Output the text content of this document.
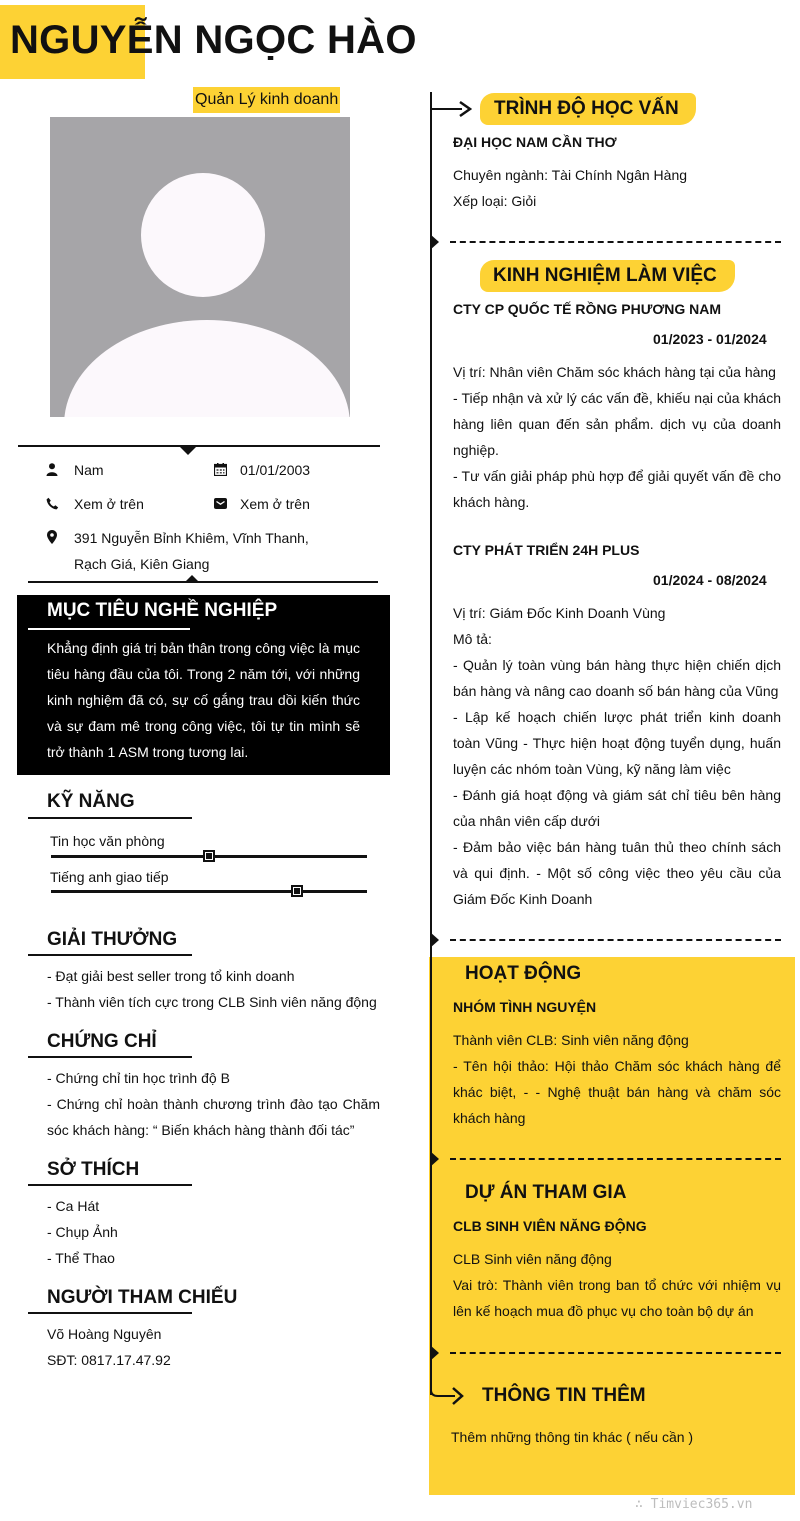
NGUYỄN NGỌC HÀO
Quản Lý kinh doanh
Nam	01/01/2003
Xem ở trên	Xem ở trên
391 Nguyễn Bỉnh Khiêm, Vĩnh Thanh,
Rạch Giá, Kiên Giang
MỤC TIÊU NGHỀ NGHIỆP
Khẳng định giá trị bản thân trong công việc là mục tiêu hàng đầu của tôi. Trong 2 năm tới, với những kinh nghiệm đã có, sự cố gắng trau dồi kiến thức và sự đam mê trong công việc, tôi tự tin mình sẽ trở thành 1 ASM trong tương lai.
KỸ NĂNG
Tin học văn phòng
Tiếng anh giao tiếp
GIẢI THƯỞNG
- Đạt giải best seller trong tổ kinh doanh
- Thành viên tích cực trong CLB Sinh viên năng động
CHỨNG CHỈ
- Chứng chỉ tin học trình độ B
- Chứng chỉ hoàn thành chương trình đào tạo Chăm sóc khách hàng: “ Biến khách hàng thành đối tác”
SỞ THÍCH
- Ca Hát
- Chụp Ảnh
- Thể Thao
NGƯỜI THAM CHIẾU
Võ Hoàng Nguyên
SĐT: 0817.17.47.92
TRÌNH ĐỘ HỌC VẤN
ĐẠI HỌC NAM CẦN THƠ
Chuyên ngành: Tài Chính Ngân Hàng
Xếp loại: Giỏi
KINH NGHIỆM LÀM VIỆC
CTY CP QUỐC TẾ RỒNG PHƯƠNG NAM
01/2023 - 01/2024
Vị trí: Nhân viên Chăm sóc khách hàng tại của hàng
- Tiếp nhận và xử lý các vấn đề, khiếu nại của khách hàng liên quan đến sản phẩm. dịch vụ của doanh nghiệp.
- Tư vấn giải pháp phù hợp để giải quyết vấn đề cho khách hàng.
CTY PHÁT TRIỂN 24H PLUS
01/2024 - 08/2024
Vị trí: Giám Đốc Kinh Doanh Vùng
Mô tả:
- Quản lý toàn vùng bán hàng thực hiện chiến dịch bán hàng và nâng cao doanh số bán hàng của Vũng
- Lập kế hoạch chiến lược phát triển kinh doanh toàn Vũng - Thực hiện hoạt động tuyển dụng, huấn luyện các nhóm toàn Vùng, kỹ năng làm việc
- Đánh giá hoạt động và giám sát chỉ tiêu bên hàng của nhân viên cấp dưới
- Đảm bảo việc bán hàng tuân thủ theo chính sách và qui định. - Một số công việc theo yêu cầu của Giám Đốc Kinh Doanh
HOẠT ĐỘNG
NHÓM TÌNH NGUYỆN
Thành viên CLB: Sinh viên năng động
- Tên hội thảo: Hội thảo Chăm sóc khách hàng để khác biệt, - - Nghệ thuật bán hàng và chăm sóc khách hàng
DỰ ÁN THAM GIA
CLB SINH VIÊN NĂNG ĐỘNG
CLB Sinh viên năng động
Vai trò: Thành viên trong ban tổ chức với nhiệm vụ lên kế hoạch mua đồ phục vụ cho toàn bộ dự án
THÔNG TIN THÊM
Thêm những thông tin khác ( nếu cần )
∴ Timviec365.vn
